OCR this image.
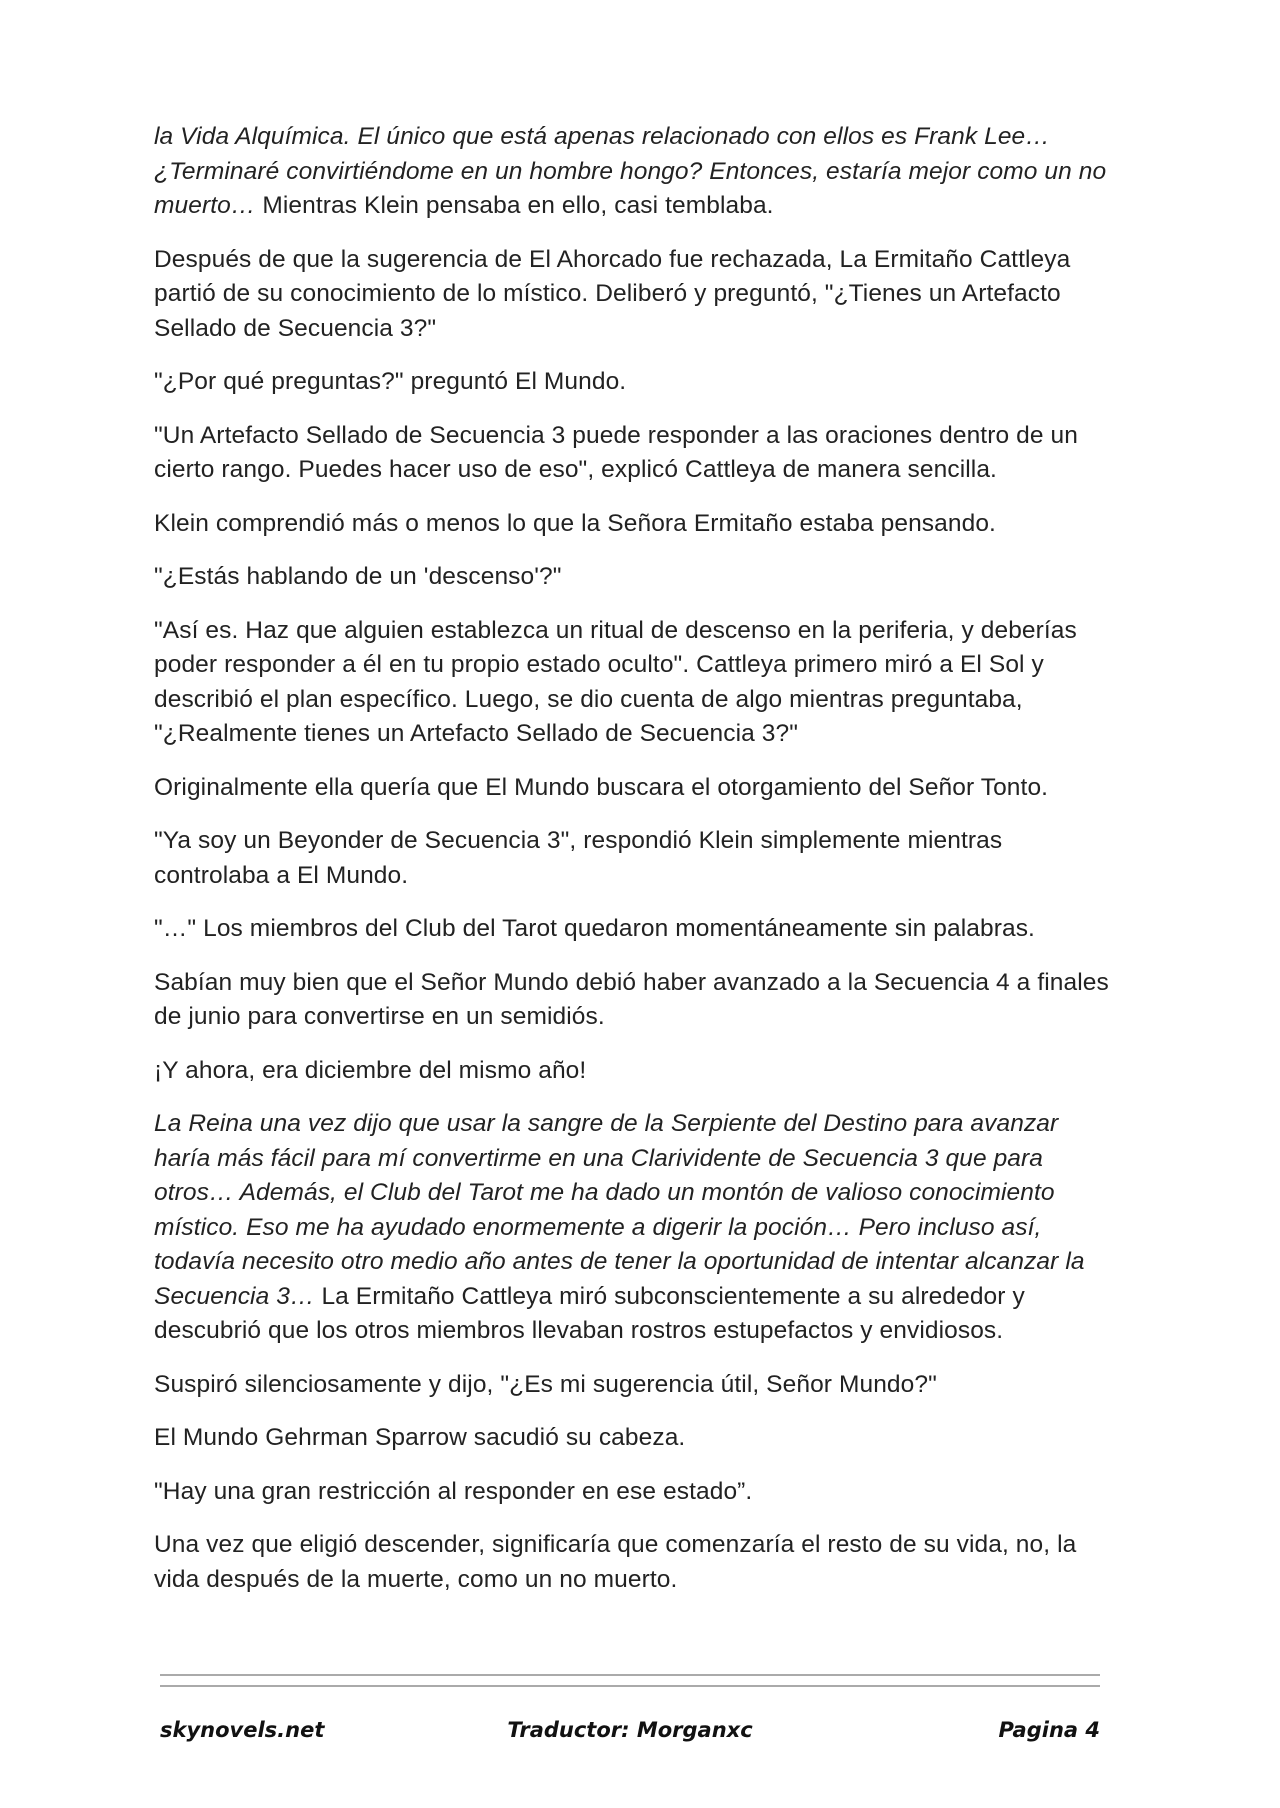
la Vida Alquímica. El único que está apenas relacionado con ellos es Frank Lee… ¿Terminaré convirtiéndome en un hombre hongo? Entonces, estaría mejor como un no muerto… Mientras Klein pensaba en ello, casi temblaba.

Después de que la sugerencia de El Ahorcado fue rechazada, La Ermitaño Cattleya partió de su conocimiento de lo místico. Deliberó y preguntó, "¿Tienes un Artefacto Sellado de Secuencia 3?"

"¿Por qué preguntas?" preguntó El Mundo.

"Un Artefacto Sellado de Secuencia 3 puede responder a las oraciones dentro de un cierto rango. Puedes hacer uso de eso", explicó Cattleya de manera sencilla.

Klein comprendió más o menos lo que la Señora Ermitaño estaba pensando.

"¿Estás hablando de un 'descenso'?"

"Así es. Haz que alguien establezca un ritual de descenso en la periferia, y deberías poder responder a él en tu propio estado oculto". Cattleya primero miró a El Sol y describió el plan específico. Luego, se dio cuenta de algo mientras preguntaba, "¿Realmente tienes un Artefacto Sellado de Secuencia 3?"

Originalmente ella quería que El Mundo buscara el otorgamiento del Señor Tonto.

"Ya soy un Beyonder de Secuencia 3", respondió Klein simplemente mientras controlaba a El Mundo.

"…" Los miembros del Club del Tarot quedaron momentáneamente sin palabras.

Sabían muy bien que el Señor Mundo debió haber avanzado a la Secuencia 4 a finales de junio para convertirse en un semidiós.

¡Y ahora, era diciembre del mismo año!

La Reina una vez dijo que usar la sangre de la Serpiente del Destino para avanzar haría más fácil para mí convertirme en una Clarividente de Secuencia 3 que para otros… Además, el Club del Tarot me ha dado un montón de valioso conocimiento místico. Eso me ha ayudado enormemente a digerir la poción… Pero incluso así, todavía necesito otro medio año antes de tener la oportunidad de intentar alcanzar la Secuencia 3… La Ermitaño Cattleya miró subconscientemente a su alrededor y descubrió que los otros miembros llevaban rostros estupefactos y envidiosos.

Suspiró silenciosamente y dijo, "¿Es mi sugerencia útil, Señor Mundo?"

El Mundo Gehrman Sparrow sacudió su cabeza.

"Hay una gran restricción al responder en ese estado”.

Una vez que eligió descender, significaría que comenzaría el resto de su vida, no, la vida después de la muerte, como un no muerto.

skynovels.net	Traductor: Morganxc	Pagina 4
